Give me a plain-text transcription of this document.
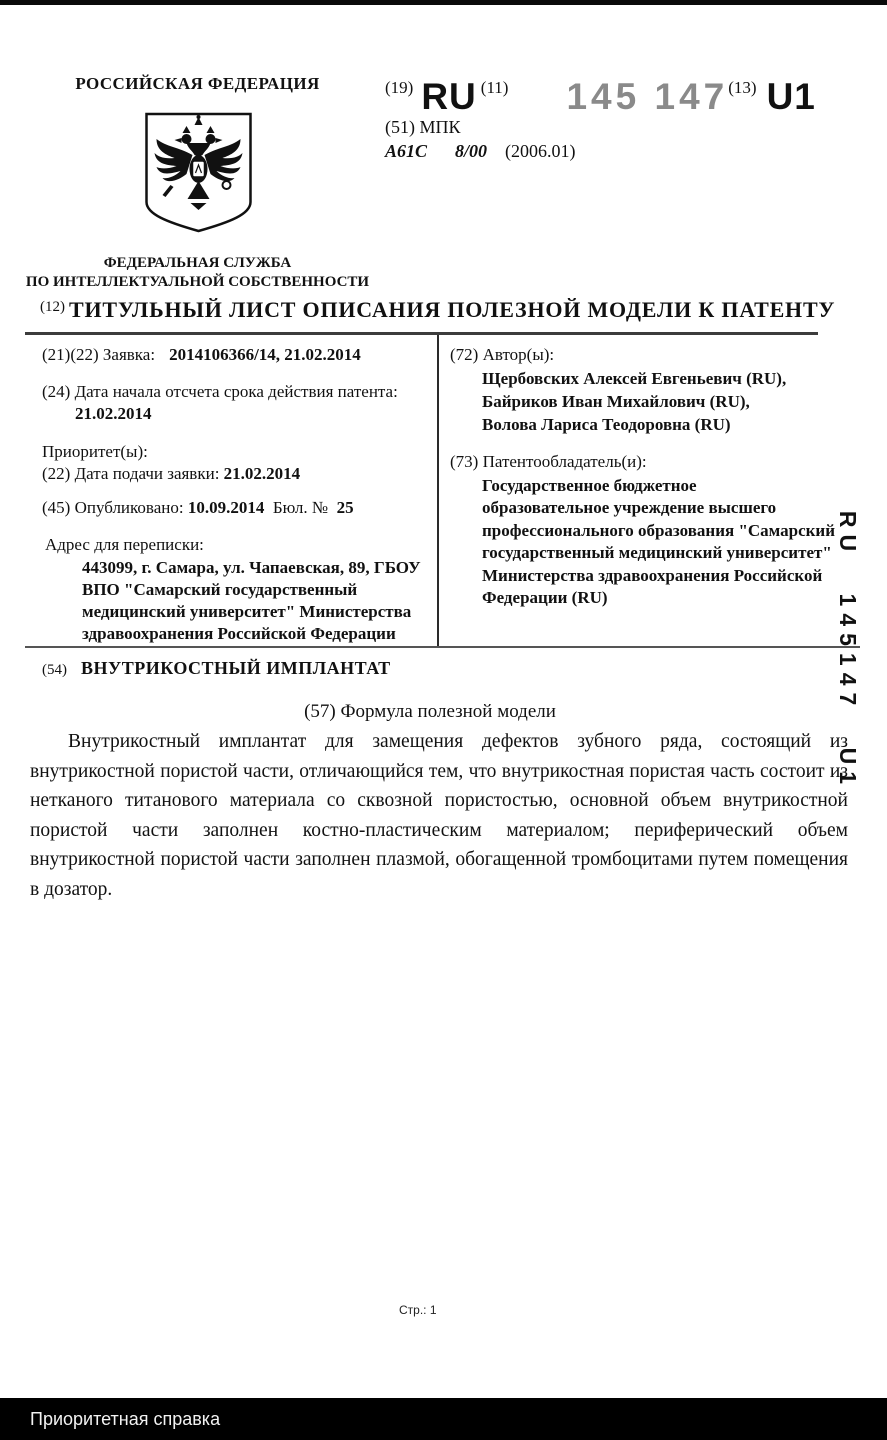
РОССИЙСКАЯ ФЕДЕРАЦИЯ
ФЕДЕРАЛЬНАЯ СЛУЖБА
ПО ИНТЕЛЛЕКТУАЛЬНОЙ СОБСТВЕННОСТИ
(19) RU (11) 145 147(13) U1
(51) МПК
A61C 8/00 (2006.01)
(12) ТИТУЛЬНЫЙ ЛИСТ ОПИСАНИЯ ПОЛЕЗНОЙ МОДЕЛИ К ПАТЕНТУ
(21)(22) Заявка: 2014106366/14, 21.02.2014
(24) Дата начала отсчета срока действия патента:
21.02.2014
Приоритет(ы):
(22) Дата подачи заявки: 21.02.2014
(45) Опубликовано: 10.09.2014 Бюл. № 25
Адрес для переписки:
443099, г. Самара, ул. Чапаевская, 89, ГБОУ
ВПО "Самарский государственный
медицинский университет" Министерства
здравоохранения Российской Федерации
(72) Автор(ы):
Щербовских Алексей Евгеньевич (RU),
Байриков Иван Михайлович (RU),
Волова Лариса Теодоровна (RU)
(73) Патентообладатель(и):
Государственное бюджетное
образовательное учреждение высшего
профессионального образования "Самарский
государственный медицинский университет"
Министерства здравоохранения Российской
Федерации (RU)
(54) ВНУТРИКОСТНЫЙ ИМПЛАНТАТ
(57) Формула полезной модели
Внутрикостный имплантат для замещения дефектов зубного ряда, состоящий из внутрикостной пористой части, отличающийся тем, что внутрикостная пористая часть состоит из нетканого титанового материала со сквозной пористостью, основной объем внутрикостной пористой части заполнен костно-пластическим материалом; периферический объем внутрикостной пористой части заполнен плазмой, обогащенной тромбоцитами путем помещения в дозатор.
RU 145147 U1
Стр.: 1
Приоритетная справка
